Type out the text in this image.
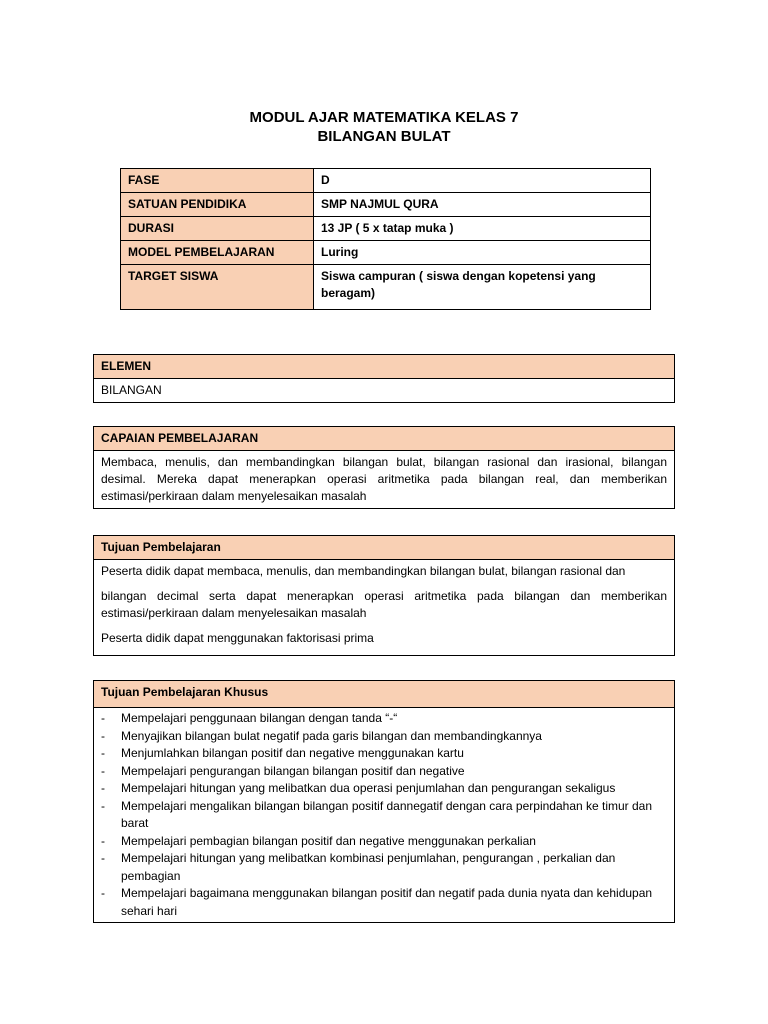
MODUL AJAR MATEMATIKA KELAS 7
BILANGAN BULAT
FASE	D
SATUAN PENDIDIKA	SMP NAJMUL QURA
DURASI	13 JP ( 5 x tatap muka )
MODEL PEMBELAJARAN	Luring
TARGET SISWA	Siswa campuran ( siswa dengan kopetensi yang beragam)
ELEMEN
BILANGAN
CAPAIAN PEMBELAJARAN

Membaca, menulis, dan membandingkan bilangan bulat, bilangan rasional dan irasional, bilangan desimal. Mereka dapat menerapkan operasi aritmetika pada bilangan real, dan memberikan estimasi/perkiraan dalam menyelesaikan masalah

Tujuan Pembelajaran

Peserta didik dapat membaca, menulis, dan membandingkan bilangan bulat, bilangan rasional dan

bilangan decimal serta dapat menerapkan operasi aritmetika pada bilangan dan memberikan estimasi/perkiraan dalam menyelesaikan masalah

Peserta didik dapat menggunakan faktorisasi prima

Tujuan Pembelajaran Khusus
- Mempelajari penggunaan bilangan dengan tanda “-“
- Menyajikan bilangan bulat negatif pada garis bilangan dan membandingkannya
- Menjumlahkan bilangan positif dan negative menggunakan kartu
- Mempelajari pengurangan bilangan bilangan positif dan negative
- Mempelajari hitungan yang melibatkan dua operasi penjumlahan dan pengurangan sekaligus
- Mempelajari mengalikan bilangan bilangan positif dannegatif dengan cara perpindahan ke timur dan barat
- Mempelajari pembagian bilangan positif dan negative menggunakan perkalian
- Mempelajari hitungan yang melibatkan kombinasi penjumlahan, pengurangan , perkalian dan pembagian
- Mempelajari bagaimana menggunakan bilangan positif dan negatif pada dunia nyata dan kehidupan sehari hari
